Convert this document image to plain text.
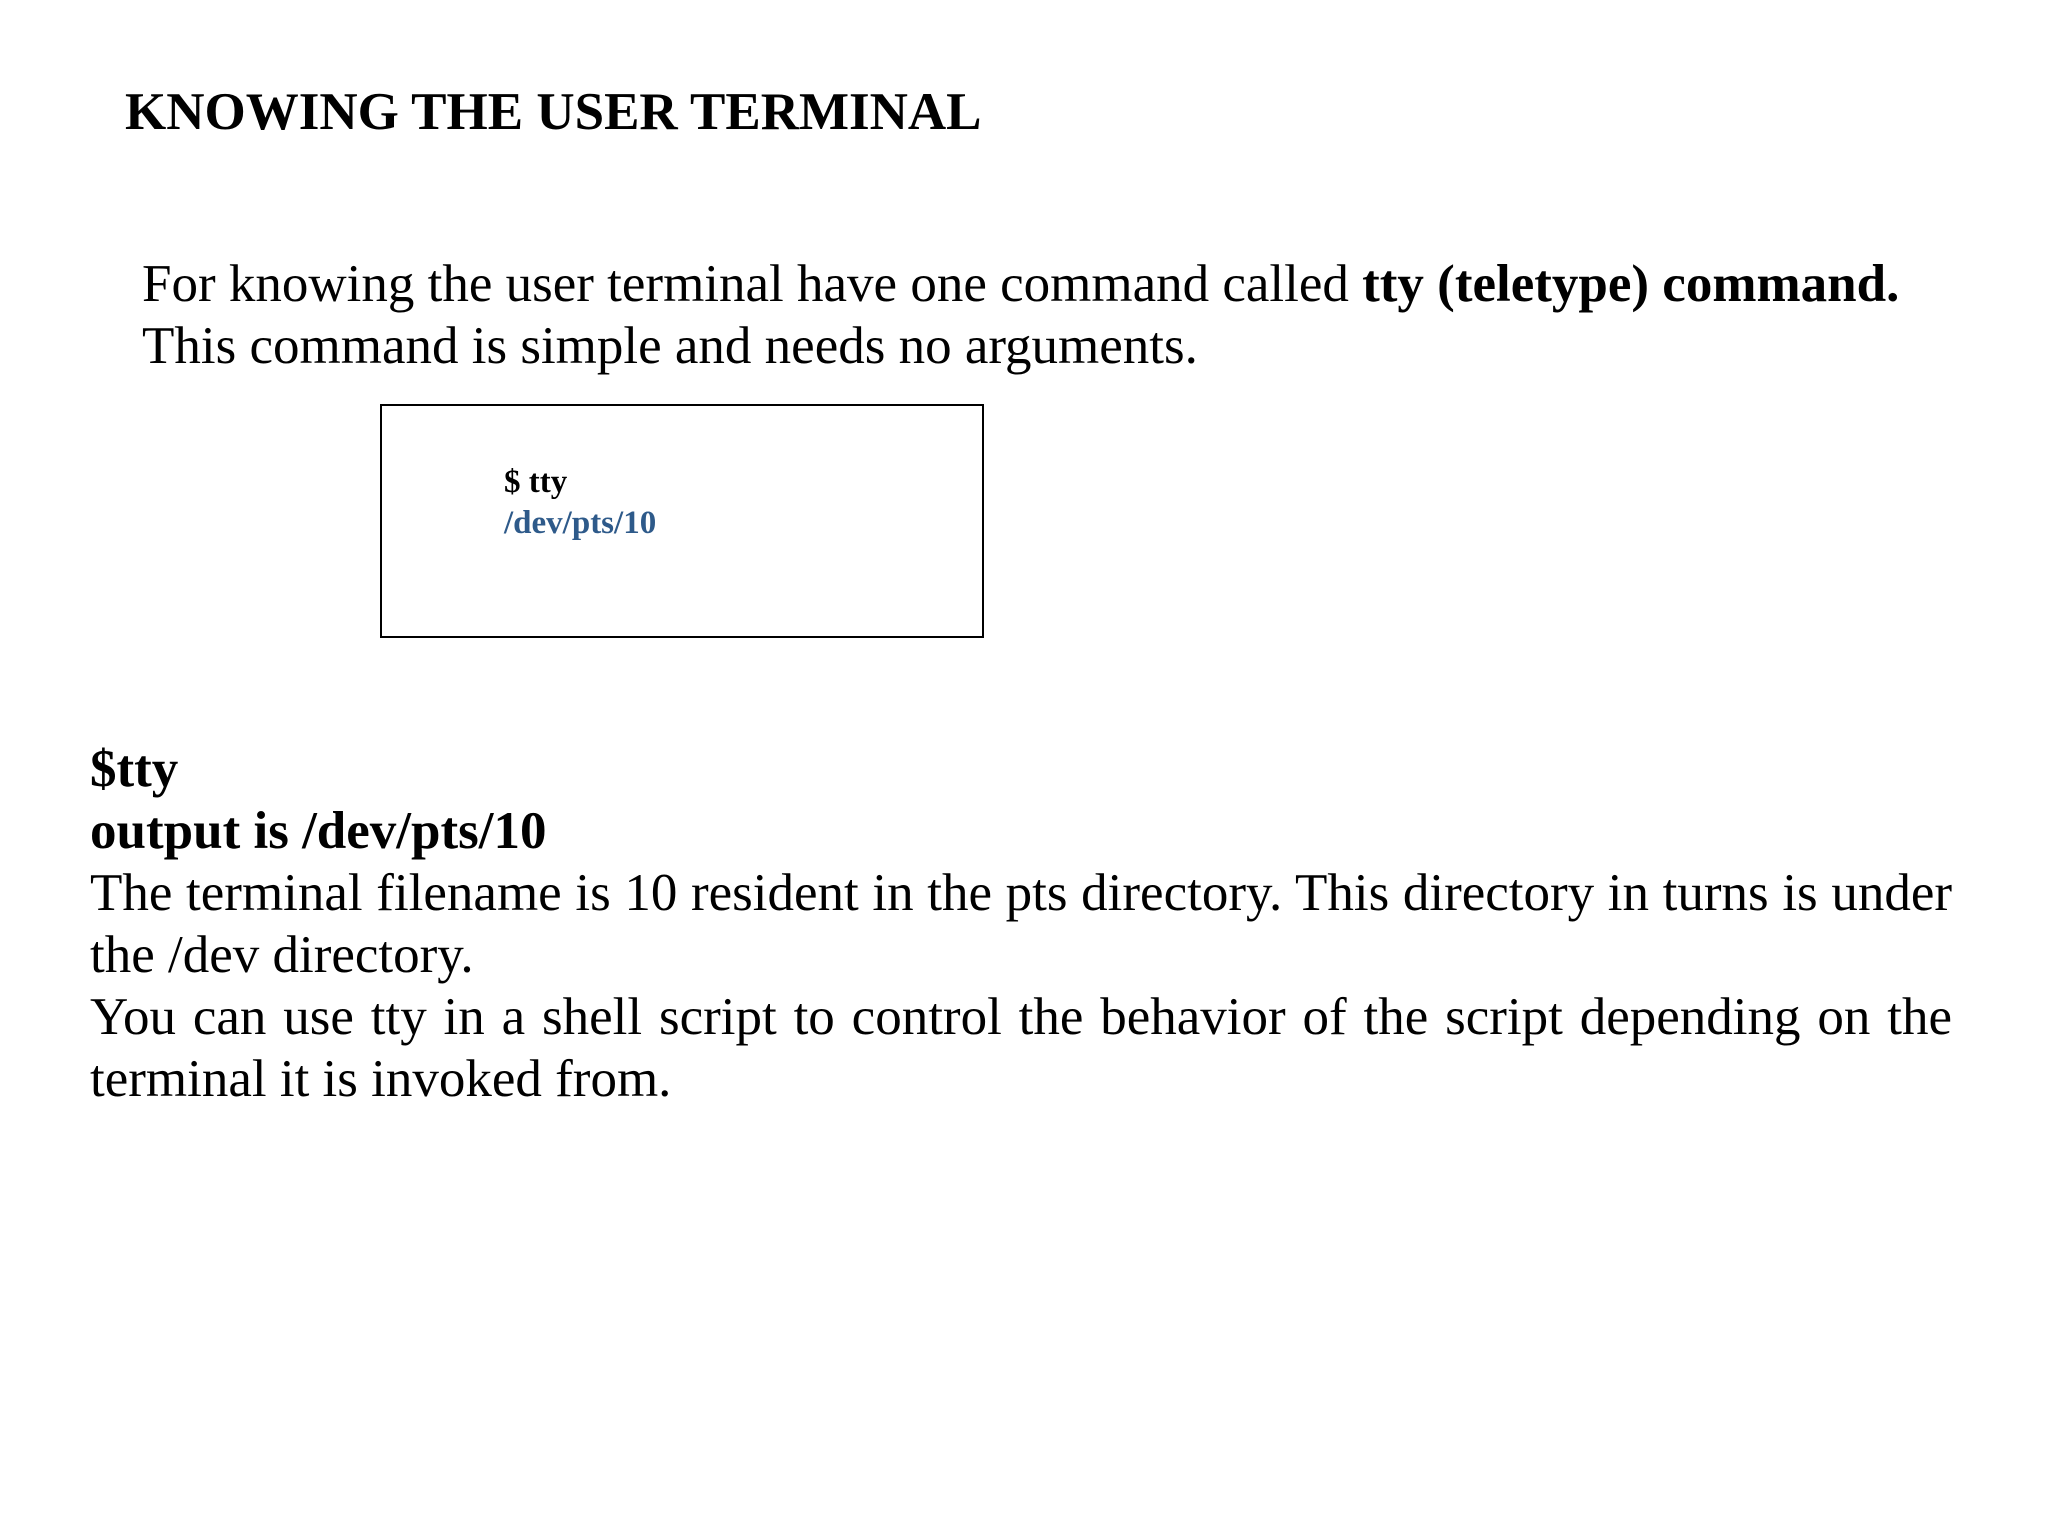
KNOWING THE USER TERMINAL

For knowing the user terminal have one command called tty (teletype) command.
This command is simple and needs no arguments.

$ tty

/dev/pts/10

$tty
output is /dev/pts/10
The terminal filename is 10 resident in the pts directory. This directory in turns is under the /dev directory.
You can use tty in a shell script to control the behavior of the script depending on the terminal it is invoked from.
